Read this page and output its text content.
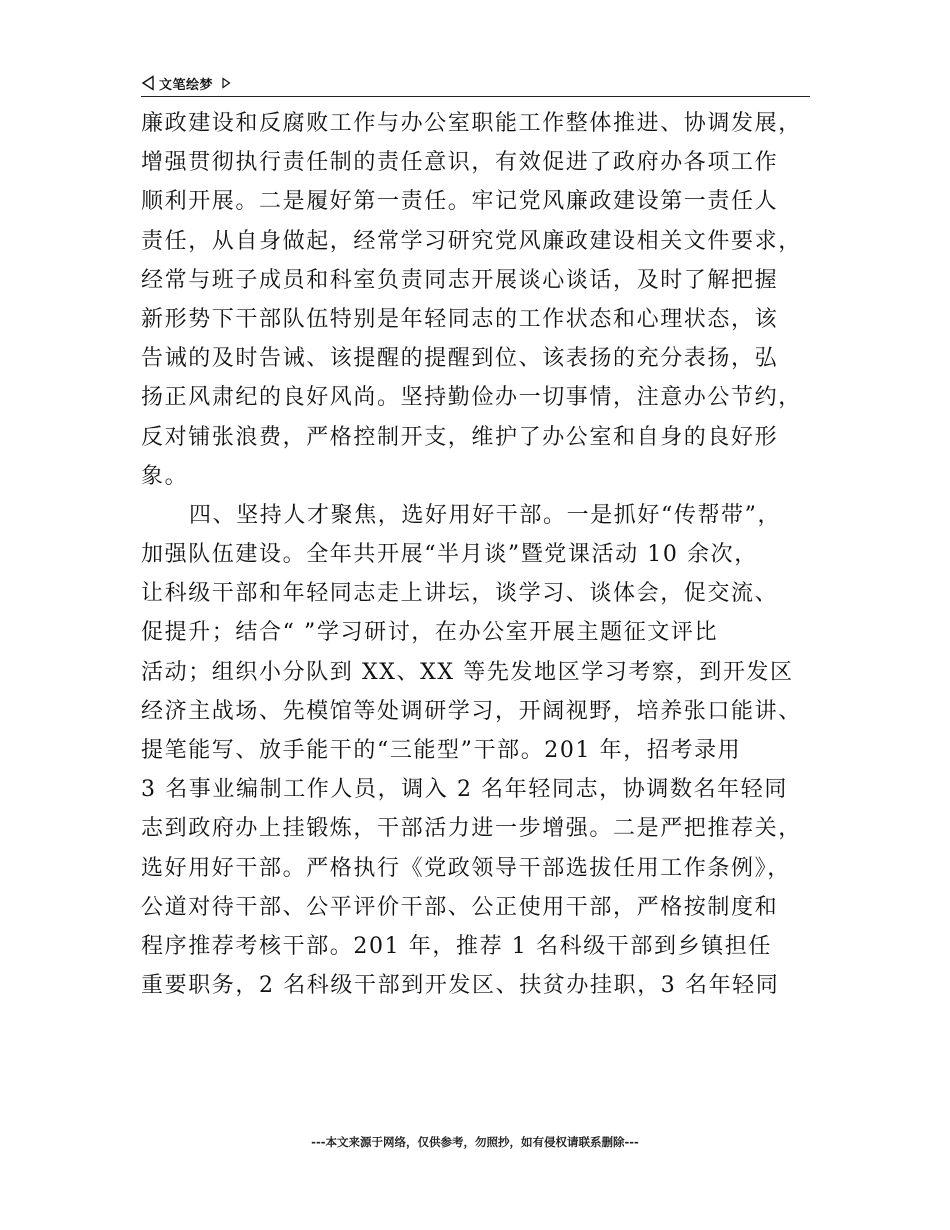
文笔绘梦
廉政建设和反腐败工作与办公室职能工作整体推进、协调发展，
增强贯彻执行责任制的责任意识，有效促进了政府办各项工作
顺利开展。二是履好第一责任。牢记党风廉政建设第一责任人
责任，从自身做起，经常学习研究党风廉政建设相关文件要求，
经常与班子成员和科室负责同志开展谈心谈话，及时了解把握
新形势下干部队伍特别是年轻同志的工作状态和心理状态，该
告诫的及时告诫、该提醒的提醒到位、该表扬的充分表扬，弘
扬正风肃纪的良好风尚。坚持勤俭办一切事情，注意办公节约，
反对铺张浪费，严格控制开支，维护了办公室和自身的良好形
象。
四、坚持人才聚焦，选好用好干部。一是抓好“传帮带”，
加强队伍建设。全年共开展“半月谈”暨党课活动 10 余次，
让科级干部和年轻同志走上讲坛，谈学习、谈体会，促交流、
促提升；结合“ ”学习研讨，在办公室开展主题征文评比
活动；组织小分队到 XX、XX 等先发地区学习考察，到开发区
经济主战场、先模馆等处调研学习，开阔视野，培养张口能讲、
提笔能写、放手能干的“三能型”干部。201 年，招考录用
3 名事业编制工作人员，调入 2 名年轻同志，协调数名年轻同
志到政府办上挂锻炼，干部活力进一步增强。二是严把推荐关，
选好用好干部。严格执行《党政领导干部选拔任用工作条例》，
公道对待干部、公平评价干部、公正使用干部，严格按制度和
程序推荐考核干部。201 年，推荐 1 名科级干部到乡镇担任
重要职务，2 名科级干部到开发区、扶贫办挂职，3 名年轻同
---本文来源于网络，仅供参考，勿照抄，如有侵权请联系删除---
